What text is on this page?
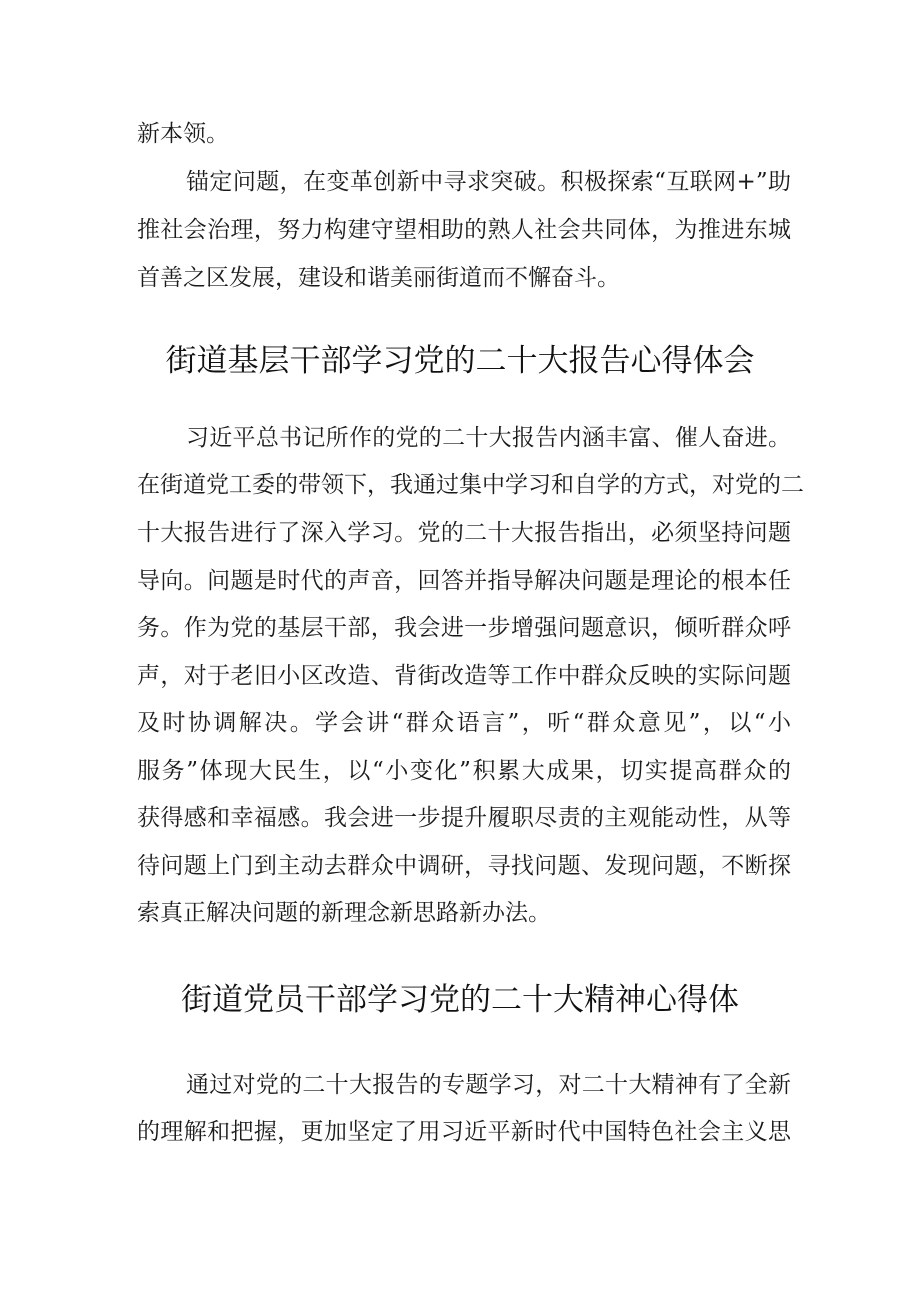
新本领。

锚定问题，在变革创新中寻求突破。积极探索“互联网+”助

推社会治理，努力构建守望相助的熟人社会共同体，为推进东城

首善之区发展，建设和谐美丽街道而不懈奋斗。

街道基层干部学习党的二十大报告心得体会

习近平总书记所作的党的二十大报告内涵丰富、催人奋进。

在街道党工委的带领下，我通过集中学习和自学的方式，对党的二

十大报告进行了深入学习。党的二十大报告指出，必须坚持问题

导向。问题是时代的声音，回答并指导解决问题是理论的根本任

务。作为党的基层干部，我会进一步增强问题意识，倾听群众呼

声，对于老旧小区改造、背街改造等工作中群众反映的实际问题

及时协调解决。学会讲“群众语言”，听“群众意见”，以“小

服务”体现大民生，以“小变化”积累大成果，切实提高群众的

获得感和幸福感。我会进一步提升履职尽责的主观能动性，从等

待问题上门到主动去群众中调研，寻找问题、发现问题，不断探

索真正解决问题的新理念新思路新办法。

街道党员干部学习党的二十大精神心得体

通过对党的二十大报告的专题学习，对二十大精神有了全新

的理解和把握，更加坚定了用习近平新时代中国特色社会主义思
